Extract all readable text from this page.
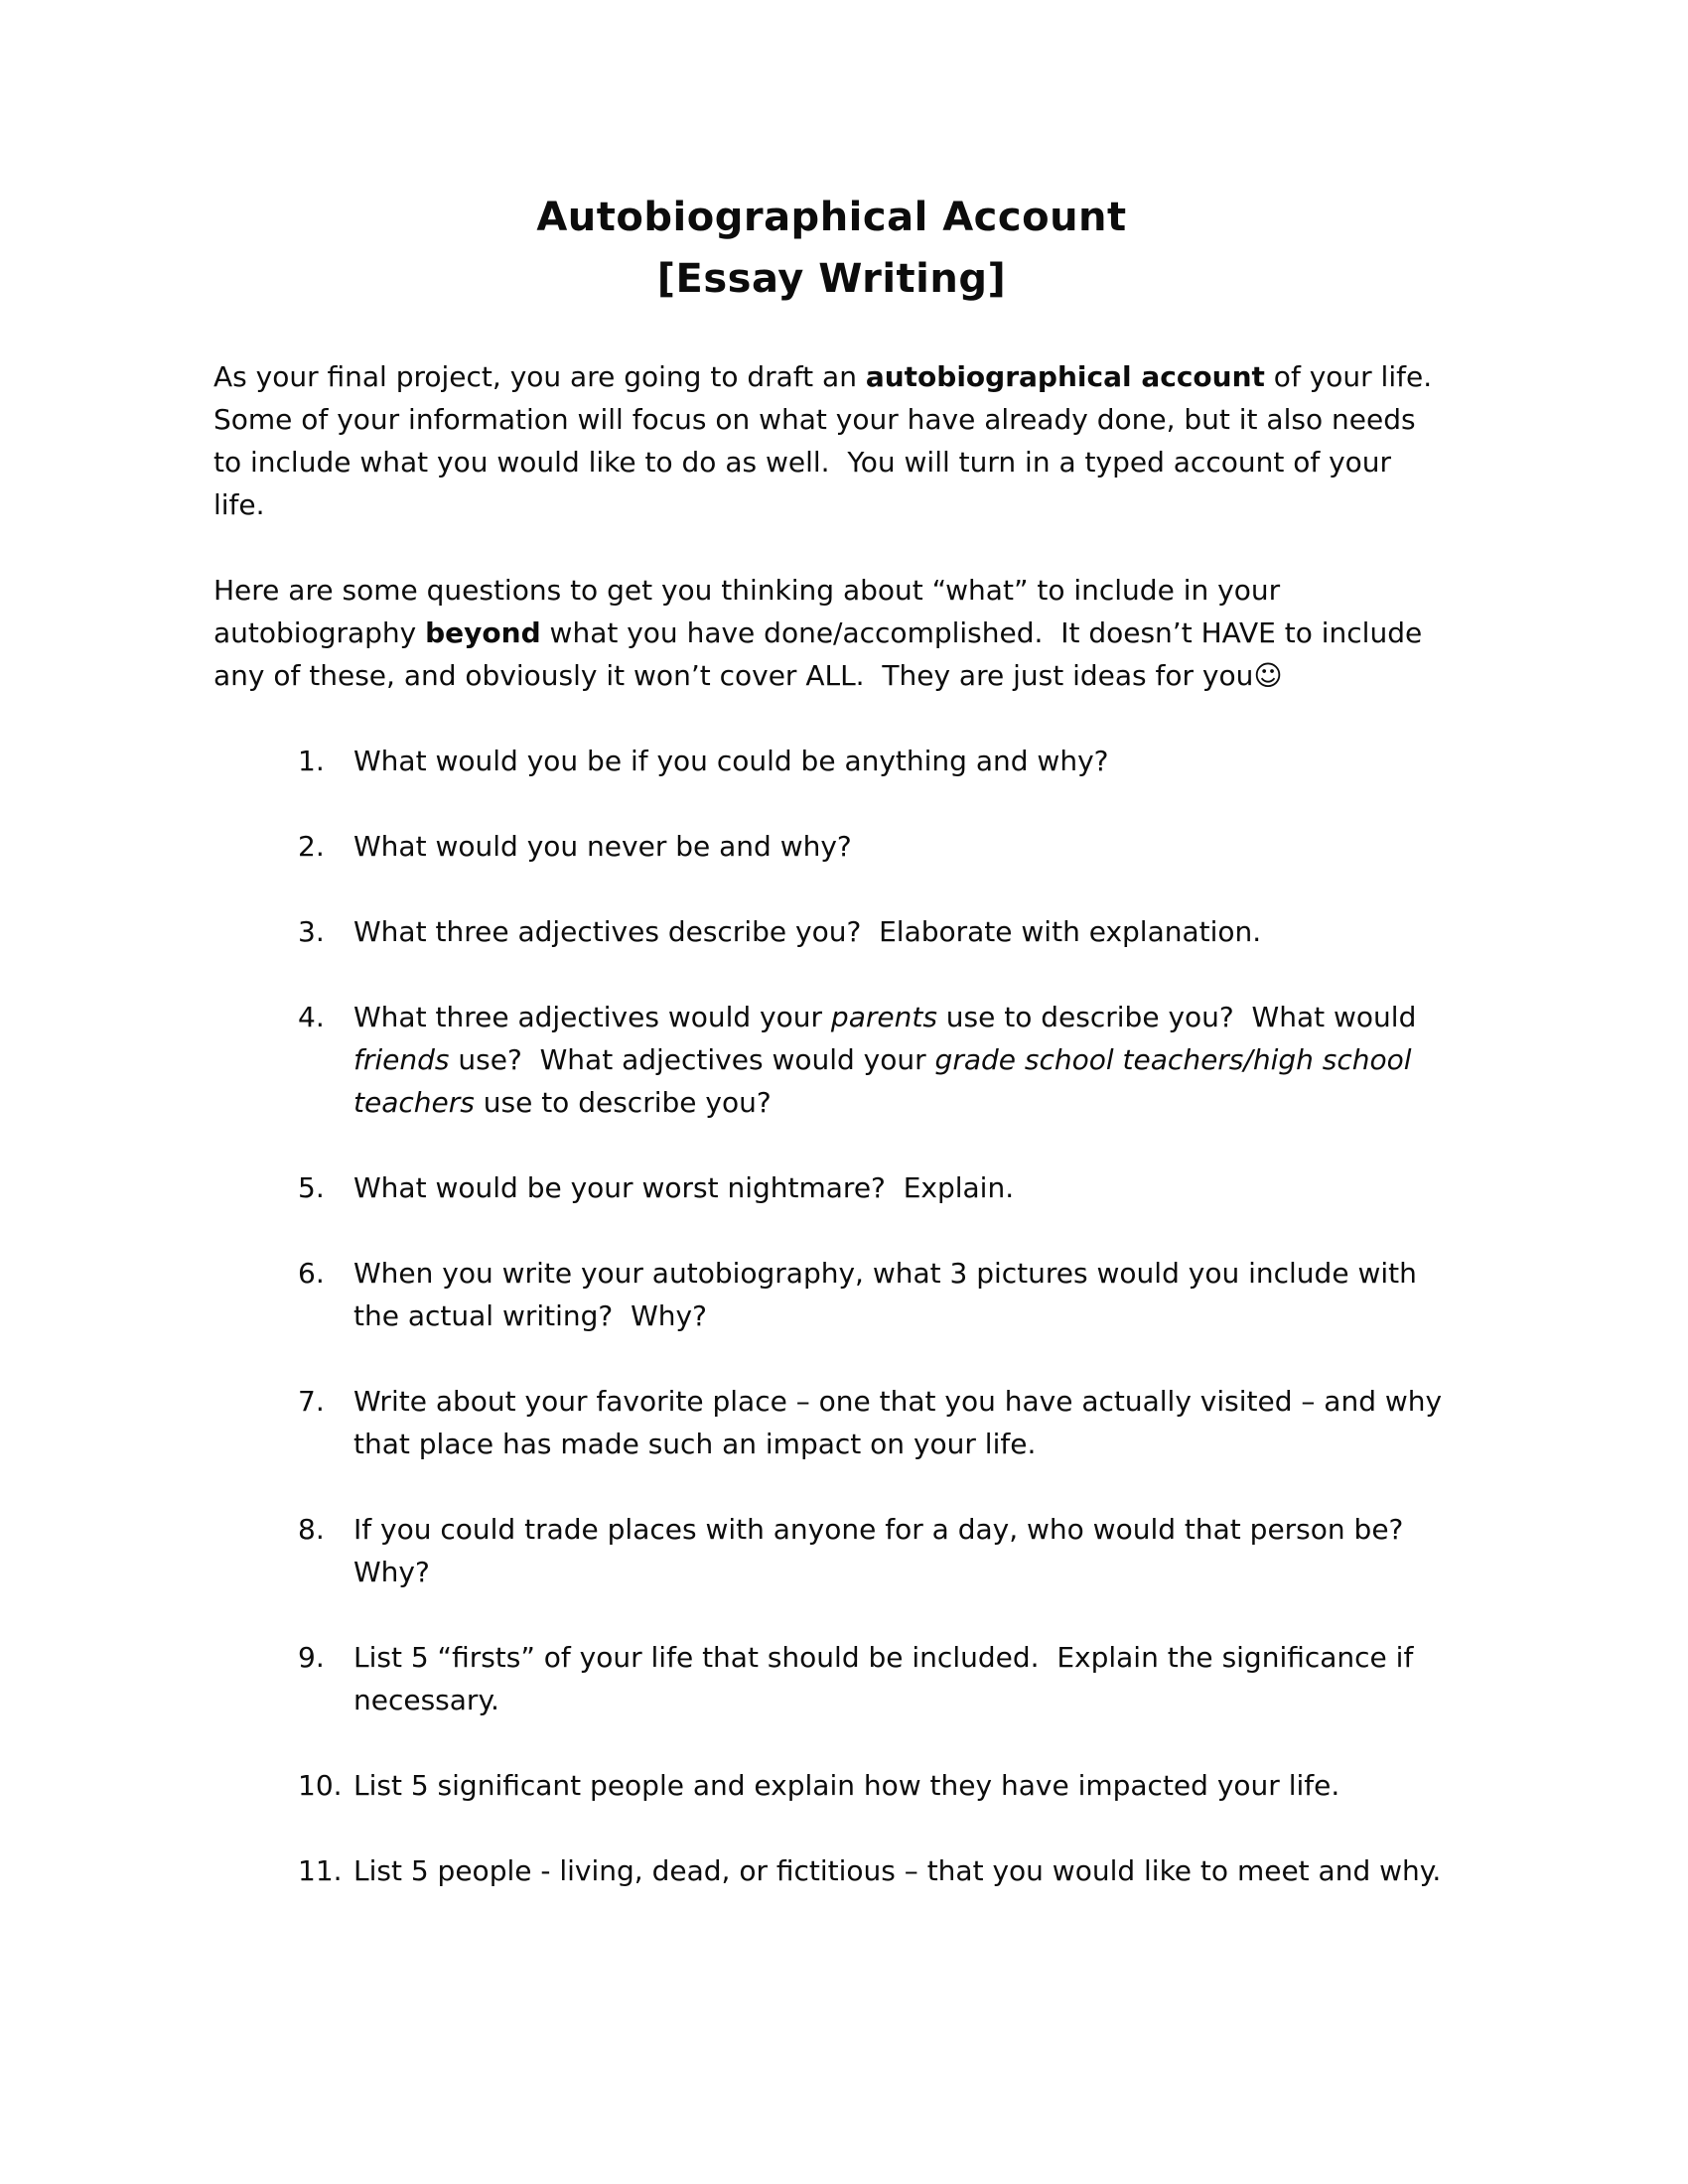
Autobiographical Account
[Essay Writing]

As your final project, you are going to draft an autobiographical account of your life.  Some of your information will focus on what your have already done, but it also needs to include what you would like to do as well.  You will turn in a typed account of your life.

Here are some questions to get you thinking about “what” to include in your autobiography beyond what you have done/accomplished.  It doesn’t HAVE to include any of these, and obviously it won’t cover ALL.  They are just ideas for you☺

1.	What would you be if you could be anything and why?
2.	What would you never be and why?
3.	What three adjectives describe you?  Elaborate with explanation.
4.	What three adjectives would your parents use to describe you?  What would friends use?  What adjectives would your grade school teachers/high school teachers use to describe you?
5.	What would be your worst nightmare?  Explain.
6.	When you write your autobiography, what 3 pictures would you include with the actual writing?  Why?
7.	Write about your favorite place – one that you have actually visited – and why that place has made such an impact on your life.
8.	If you could trade places with anyone for a day, who would that person be? Why?
9.	List 5 “firsts” of your life that should be included.  Explain the significance if necessary.
10. List 5 significant people and explain how they have impacted your life.
11. List 5 people - living, dead, or fictitious – that you would like to meet and why.
